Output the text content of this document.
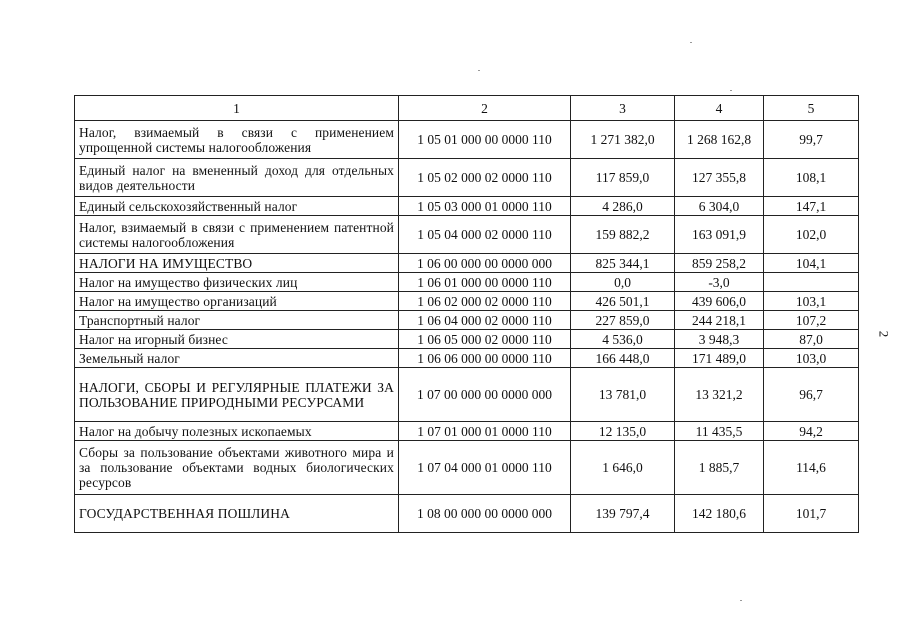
1	2	3	4	5
Налог, взимаемый в связи с применением упрощенной системы налогообложения	1 05 01 000 00 0000 110	1 271 382,0	1 268 162,8	99,7
Единый налог на вмененный доход для отдельных видов деятельности	1 05 02 000 02 0000 110	117 859,0	127 355,8	108,1
Единый сельскохозяйственный налог	1 05 03 000 01 0000 110	4 286,0	6 304,0	147,1
Налог, взимаемый в связи с применением патентной системы налогообложения	1 05 04 000 02 0000 110	159 882,2	163 091,9	102,0
НАЛОГИ НА ИМУЩЕСТВО	1 06 00 000 00 0000 000	825 344,1	859 258,2	104,1
Налог на имущество физических лиц	1 06 01 000 00 0000 110	0,0	-3,0	
Налог на имущество организаций	1 06 02 000 02 0000 110	426 501,1	439 606,0	103,1
Транспортный налог	1 06 04 000 02 0000 110	227 859,0	244 218,1	107,2
Налог на игорный бизнес	1 06 05 000 02 0000 110	4 536,0	3 948,3	87,0
Земельный налог	1 06 06 000 00 0000 110	166 448,0	171 489,0	103,0
НАЛОГИ, СБОРЫ И РЕГУЛЯРНЫЕ ПЛАТЕЖИ ЗА ПОЛЬЗОВАНИЕ ПРИРОДНЫМИ РЕСУРСАМИ	1 07 00 000 00 0000 000	13 781,0	13 321,2	96,7
Налог на добычу полезных ископаемых	1 07 01 000 01 0000 110	12 135,0	11 435,5	94,2
Сборы за пользование объектами животного мира и за пользование объектами водных биологических ресурсов	1 07 04 000 01 0000 110	1 646,0	1 885,7	114,6
ГОСУДАРСТВЕННАЯ ПОШЛИНА	1 08 00 000 00 0000 000	139 797,4	142 180,6	101,7
2
